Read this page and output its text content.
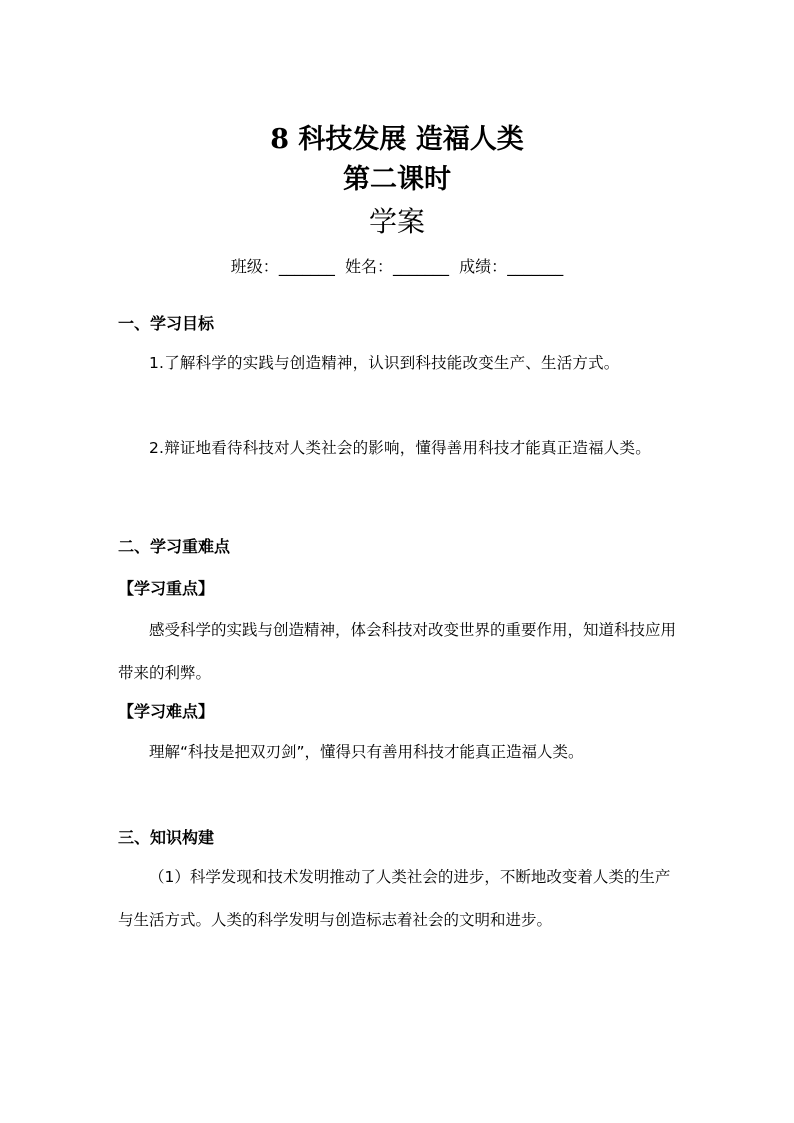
8 科技发展 造福人类
第二课时
学案
班级：_______ 姓名：_______ 成绩：_______
一、学习目标
1.了解科学的实践与创造精神，认识到科技能改变生产、生活方式。
2.辩证地看待科技对人类社会的影响，懂得善用科技才能真正造福人类。
二、学习重难点
【学习重点】
感受科学的实践与创造精神，体会科技对改变世界的重要作用，知道科技应用带来的利弊。
【学习难点】
理解“科技是把双刃剑”，懂得只有善用科技才能真正造福人类。
三、知识构建
（1）科学发现和技术发明推动了人类社会的进步，不断地改变着人类的生产与生活方式。人类的科学发明与创造标志着社会的文明和进步。
